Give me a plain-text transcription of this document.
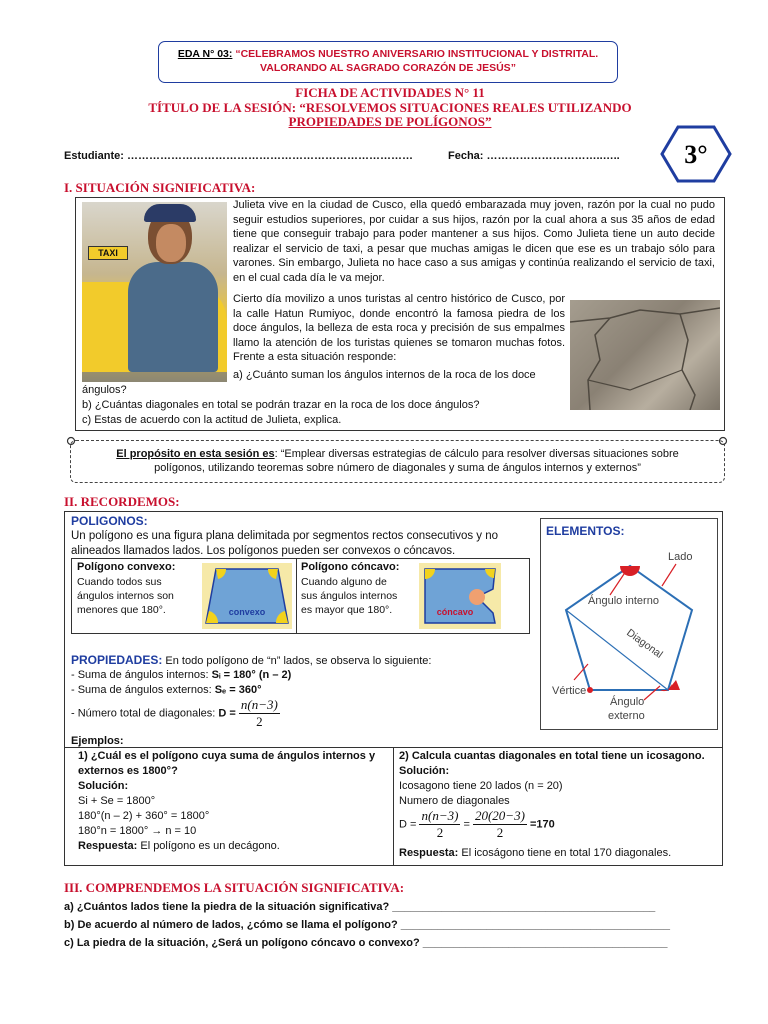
EDA N° 03: “CELEBRAMOS NUESTRO ANIVERSARIO INSTITUCIONAL Y DISTRITAL.
VALORANDO AL SAGRADO CORAZÓN DE JESÚS”
FICHA DE ACTIVIDADES N° 11
TÍTULO DE LA SESIÓN: “RESOLVEMOS SITUACIONES REALES UTILIZANDO
PROPIEDADES DE POLÍGONOS”
Estudiante: ……………………………………………………………………	Fecha: …………………………..….. 3°
I. SITUACIÓN SIGNIFICATIVA:
TAXI
Julieta vive en la ciudad de Cusco, ella quedó embarazada muy joven, razón por la cual no pudo seguir estudios superiores, por cuidar a sus hijos, razón por la cual ahora a sus 35 años de edad tiene que conseguir trabajo para poder mantener a sus hijos. Como Julieta tiene un auto decide realizar el servicio de taxi, a pesar que muchas amigas le dicen que ese es un trabajo sólo para varones. Sin embargo, Julieta no hace caso a sus amigas y continúa realizando el servicio de taxi, en el cual cada día le va mejor.
Cierto día movilizo a unos turistas al centro histórico de Cusco, por la calle Hatun Rumiyoc, donde encontró la famosa piedra de los doce ángulos, la belleza de esta roca y precisión de sus empalmes llamo la atención de los turistas quienes se tomaron muchas fotos. Frente a esta situación responde:
a) ¿Cuánto suman los ángulos internos de la roca de los doce
ángulos?
b) ¿Cuántas diagonales en total se podrán trazar en la roca de los doce ángulos?
c) Estas de acuerdo con la actitud de Julieta, explica.
El propósito en esta sesión es: “Emplear diversas estrategias de cálculo para resolver diversas situaciones sobre
polígonos, utilizando teoremas sobre número de diagonales y suma de ángulos internos y externos”
II. RECORDEMOS:
POLIGONOS:
Un polígono es una figura plana delimitada por segmentos rectos consecutivos y no
alineados llamados lados. Los polígonos pueden ser convexos o cóncavos.
Polígono convexo:
Cuando todos sus
ángulos internos son
menores que 180°.	convexo
Polígono cóncavo:
Cuando alguno de
sus ángulos internos
es mayor que 180°.	cóncavo
ELEMENTOS:
Lado
Ángulo interno
Diagonal
Vértice
Ángulo
externo
PROPIEDADES: En todo polígono de “n” lados, se observa lo siguiente:
- Suma de ángulos internos: Sᵢ = 180° (n – 2)
- Suma de ángulos externos: Sₑ = 360°
- Número total de diagonales: $D = \frac{n(n-3)}{2}$
Ejemplos:
1) ¿Cuál es el polígono cuya suma de ángulos internos y
externos es 1800°?
Solución:
Si + Se = 1800°
180°(n – 2) + 360° = 1800°
180°n = 1800° → n = 10
Respuesta: El polígono es un decágono.
2) Calcula cuantas diagonales en total tiene un icosagono.
Solución:
Icosagono tiene 20 lados (n = 20)
Numero de diagonales
$D = \frac{n(n-3)}{2} = \frac{20(20-3)}{2} =170$
Respuesta: El icoságono tiene en total 170 diagonales.
III. COMPRENDEMOS LA SITUACIÓN SIGNIFICATIVA:
a) ¿Cuántos lados tiene la piedra de la situación significativa? ___________________________________________
b) De acuerdo al número de lados, ¿cómo se llama el polígono? ____________________________________________
c) La piedra de la situación, ¿Será un polígono cóncavo o convexo? ________________________________________
